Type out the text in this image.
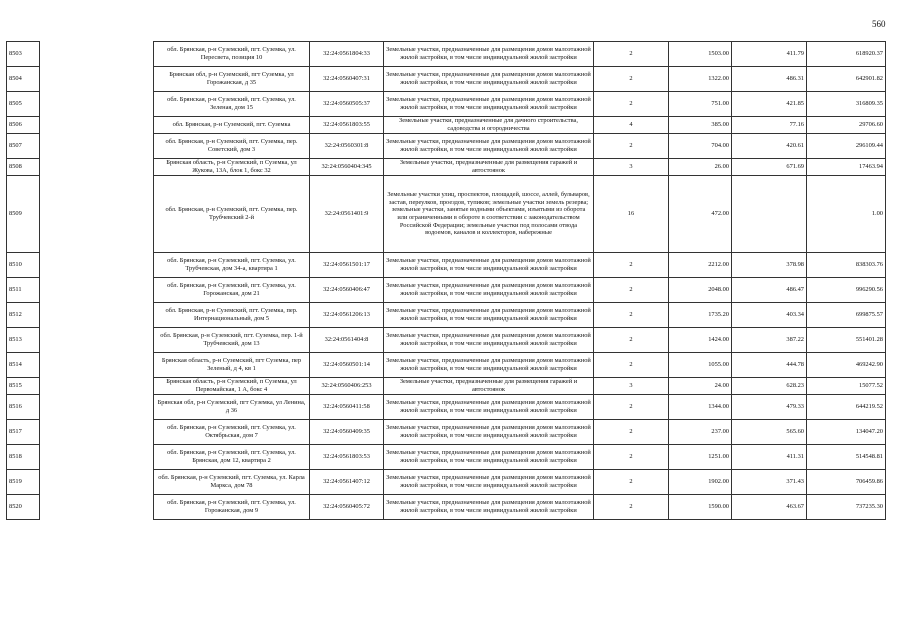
560
8503		обл. Брянская, р-н Суземский, пгт. Суземка, ул. Пересвета, позиция 10	32:24:0561804:33	Земельные участки, предназначенные для размещения домов малоэтажной жилой застройки, в том числе индивидуальной жилой застройки	2	1503.00	411.79	618920.37
8504		Брянская обл, р-н Суземский, пгт Суземка, ул Горожанская, д 35	32:24:0560407:31	Земельные участки, предназначенные для размещения домов малоэтажной жилой застройки, в том числе индивидуальной жилой застройки	2	1322.00	486.31	642901.82
8505		обл. Брянская, р-н Суземский, пгт. Суземка, ул. Зеленая, дом 15	32:24:0560505:37	Земельные участки, предназначенные для размещения домов малоэтажной жилой застройки, в том числе индивидуальной жилой застройки	2	751.00	421.85	316809.35
8506		обл. Брянская, р-н Суземский, пгт. Суземка	32:24:0561803:55	Земельные участки, предназначенные для дачного строительства, садоводства и огородничества	4	385.00	77.16	29706.60
8507		обл. Брянская, р-н Суземский, пгт. Суземка, пер. Советский, дом 3	32:24:0560301:8	Земельные участки, предназначенные для размещения домов малоэтажной жилой застройки, в том числе индивидуальной жилой застройки	2	704.00	420.61	296109.44
8508		Брянская область, р-н Суземский, п Суземка, ул Жукова, 13А, блок 1, бокс 32	32:24:0560404:345	Земельные участки, предназначенные для размещения гаражей и автостоянок	3	26.00	671.69	17463.94
8509		обл. Брянская, р-н Суземский, пгт. Суземка, пер. Трубчевский 2-й	32:24:0561401:9	Земельные участки улиц, проспектов, площадей, шоссе, аллей, бульваров, застав, переулков, проездов, тупиков; земельные участки земель резерва; земельные участки, занятые водными объектами, изъятыми из оборота или ограниченными в обороте в соответствии с законодательством Российской Федерации; земельные участки под полосами отвода водоемов, каналов и коллекторов, набережные	16	472.00		1.00
8510		обл. Брянская, р-н Суземский, пгт. Суземка, ул. Трубчевская, дом 34-а, квартира 1	32:24:0561501:17	Земельные участки, предназначенные для размещения домов малоэтажной жилой застройки, в том числе индивидуальной жилой застройки	2	2212.00	378.98	838303.76
8511		обл. Брянская, р-н Суземский, пгт. Суземка, ул. Горожанская, дом 21	32:24:0560406:47	Земельные участки, предназначенные для размещения домов малоэтажной жилой застройки, в том числе индивидуальной жилой застройки	2	2048.00	486.47	996290.56
8512		обл. Брянская, р-н Суземский, пгт. Суземка, пер. Интернациональный, дом 5	32:24:0561206:13	Земельные участки, предназначенные для размещения домов малоэтажной жилой застройки, в том числе индивидуальной жилой застройки	2	1735.20	403.34	699875.57
8513		обл. Брянская, р-н Суземский, пгт. Суземка, пер. 1-й Трубчевский, дом 13	32:24:0561404:8	Земельные участки, предназначенные для размещения домов малоэтажной жилой застройки, в том числе индивидуальной жилой застройки	2	1424.00	387.22	551401.28
8514		Брянская область, р-н Суземский, пгт Суземка, пер Зеленый, д 4, кв 1	32:24:0560501:14	Земельные участки, предназначенные для размещения домов малоэтажной жилой застройки, в том числе индивидуальной жилой застройки	2	1055.00	444.78	469242.90
8515		Брянская область, р-н Суземский, п Суземка, ул Первомайская, 1 А, бокс 4	32:24:0560406:253	Земельные участки, предназначенные для размещения гаражей и автостоянок	3	24.00	628.23	15077.52
8516		Брянская обл, р-н Суземский, пгт Суземка, ул Ленина, д 36	32:24:0560411:58	Земельные участки, предназначенные для размещения домов малоэтажной жилой застройки, в том числе индивидуальной жилой застройки	2	1344.00	479.33	644219.52
8517		обл. Брянская, р-н Суземский, пгт. Суземка, ул. Октябрьская, дом 7	32:24:0560409:35	Земельные участки, предназначенные для размещения домов малоэтажной жилой застройки, в том числе индивидуальной жилой застройки	2	237.00	565.60	134047.20
8518		обл. Брянская, р-н Суземский, пгт. Суземка, ул. Брянская, дом 12, квартира 2	32:24:0561803:53	Земельные участки, предназначенные для размещения домов малоэтажной жилой застройки, в том числе индивидуальной жилой застройки	2	1251.00	411.31	514548.81
8519		обл. Брянская, р-н Суземский, пгт. Суземка, ул. Карла Маркса, дом 78	32:24:0561407:12	Земельные участки, предназначенные для размещения домов малоэтажной жилой застройки, в том числе индивидуальной жилой застройки	2	1902.00	371.43	706459.86
8520		обл. Брянская, р-н Суземский, пгт. Суземка, ул. Горожанская, дом 9	32:24:0560405:72	Земельные участки, предназначенные для размещения домов малоэтажной жилой застройки, в том числе индивидуальной жилой застройки	2	1590.00	463.67	737235.30
